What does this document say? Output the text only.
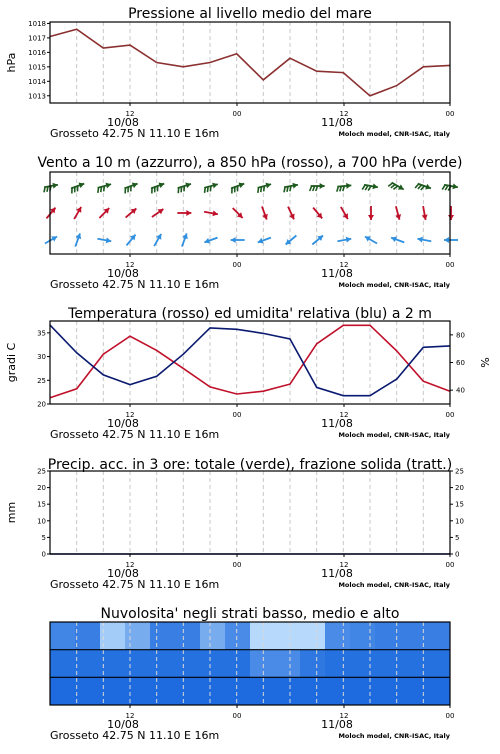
Pressione al livello medio del mare
1013
1014
1015
1016
1017
1018
hPa
12	00	12	00
10/08	11/08
Grosseto 42.75 N 11.10 E 16m	Moloch model, CNR-ISAC, Italy
Vento a 10 m (azzurro), a 850 hPa (rosso), a 700 hPa (verde)
12	00	12	00
10/08	11/08
Grosseto 42.75 N 11.10 E 16m	Moloch model, CNR-ISAC, Italy
Temperatura (rosso) ed umidita' relativa (blu) a 2 m
20
25
30
35
40
60
80
gradi C	%
12	00	12	00
10/08	11/08
Grosseto 42.75 N 11.10 E 16m	Moloch model, CNR-ISAC, Italy
Precip. acc. in 3 ore: totale (verde), frazione solida (tratt.)
0
5
10
15
20
25
0
5
10
15
20
25
mm
12	00	12	00
10/08	11/08
Grosseto 42.75 N 11.10 E 16m	Moloch model, CNR-ISAC, Italy
Nuvolosita' negli strati basso, medio e alto
12	00	12	00
10/08	11/08
Grosseto 42.75 N 11.10 E 16m	Moloch model, CNR-ISAC, Italy
